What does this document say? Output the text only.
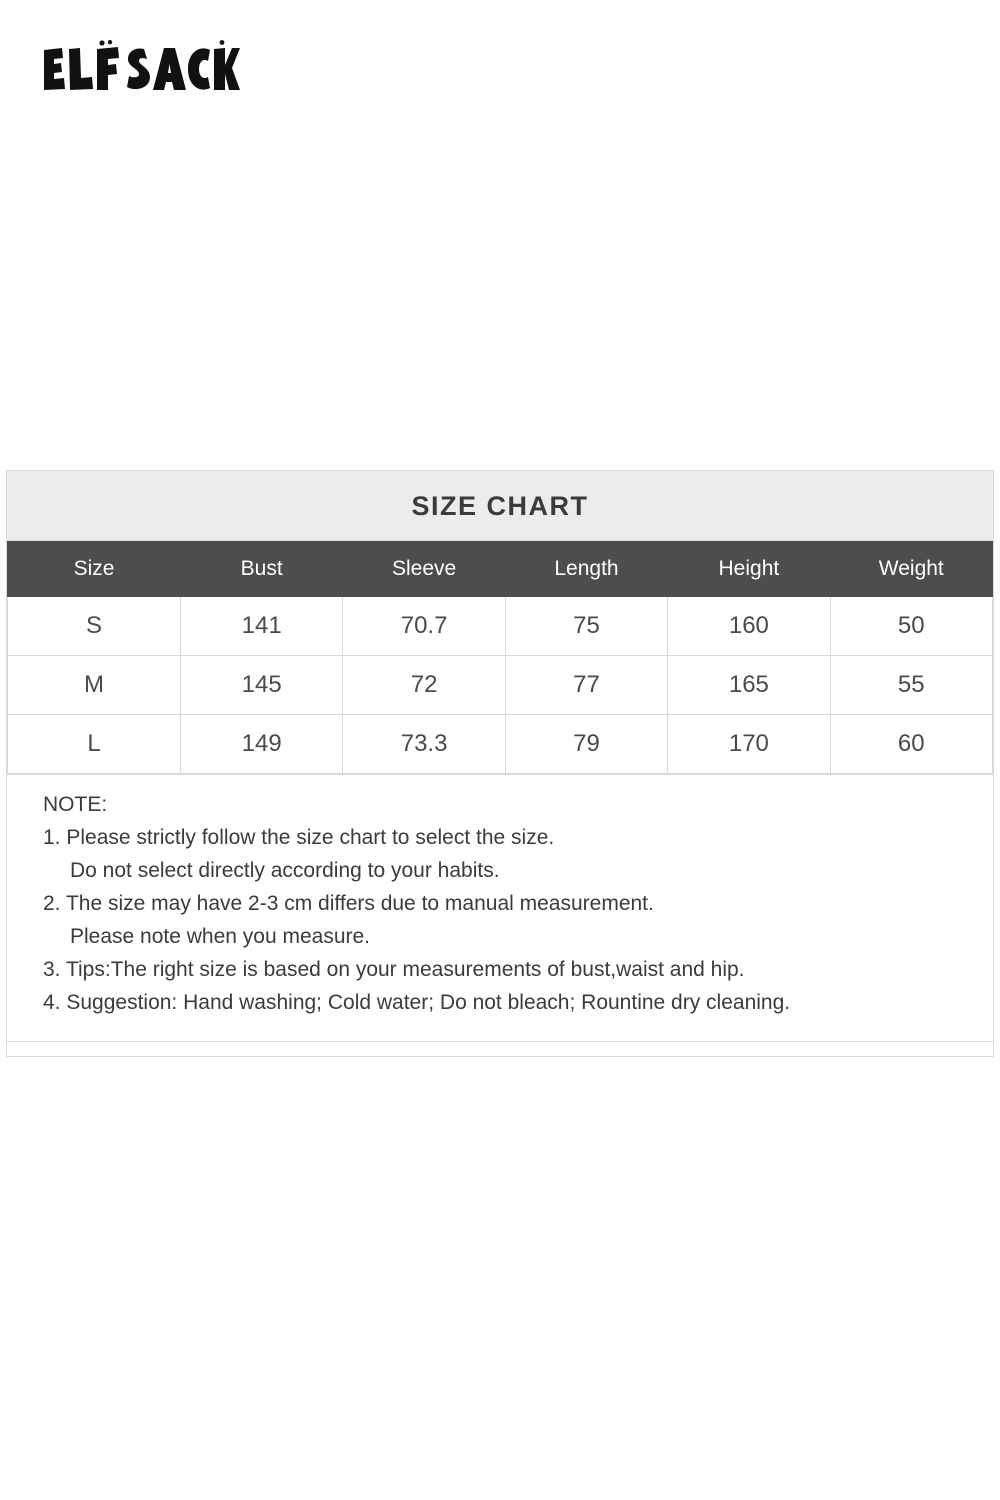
SIZE CHART
Size	Bust	Sleeve	Length	Height	Weight
S	141	70.7	75	160	50
M	145	72	77	165	55
L	149	73.3	79	170	60
NOTE:
1. Please strictly follow the size chart to select the size.
Do not select directly according to your habits.
2. The size may have 2-3 cm differs due to manual measurement.
Please note when you measure.
3. Tips:The right size is based on your measurements of bust,waist and hip.
4. Suggestion: Hand washing; Cold water; Do not bleach; Rountine dry cleaning.
